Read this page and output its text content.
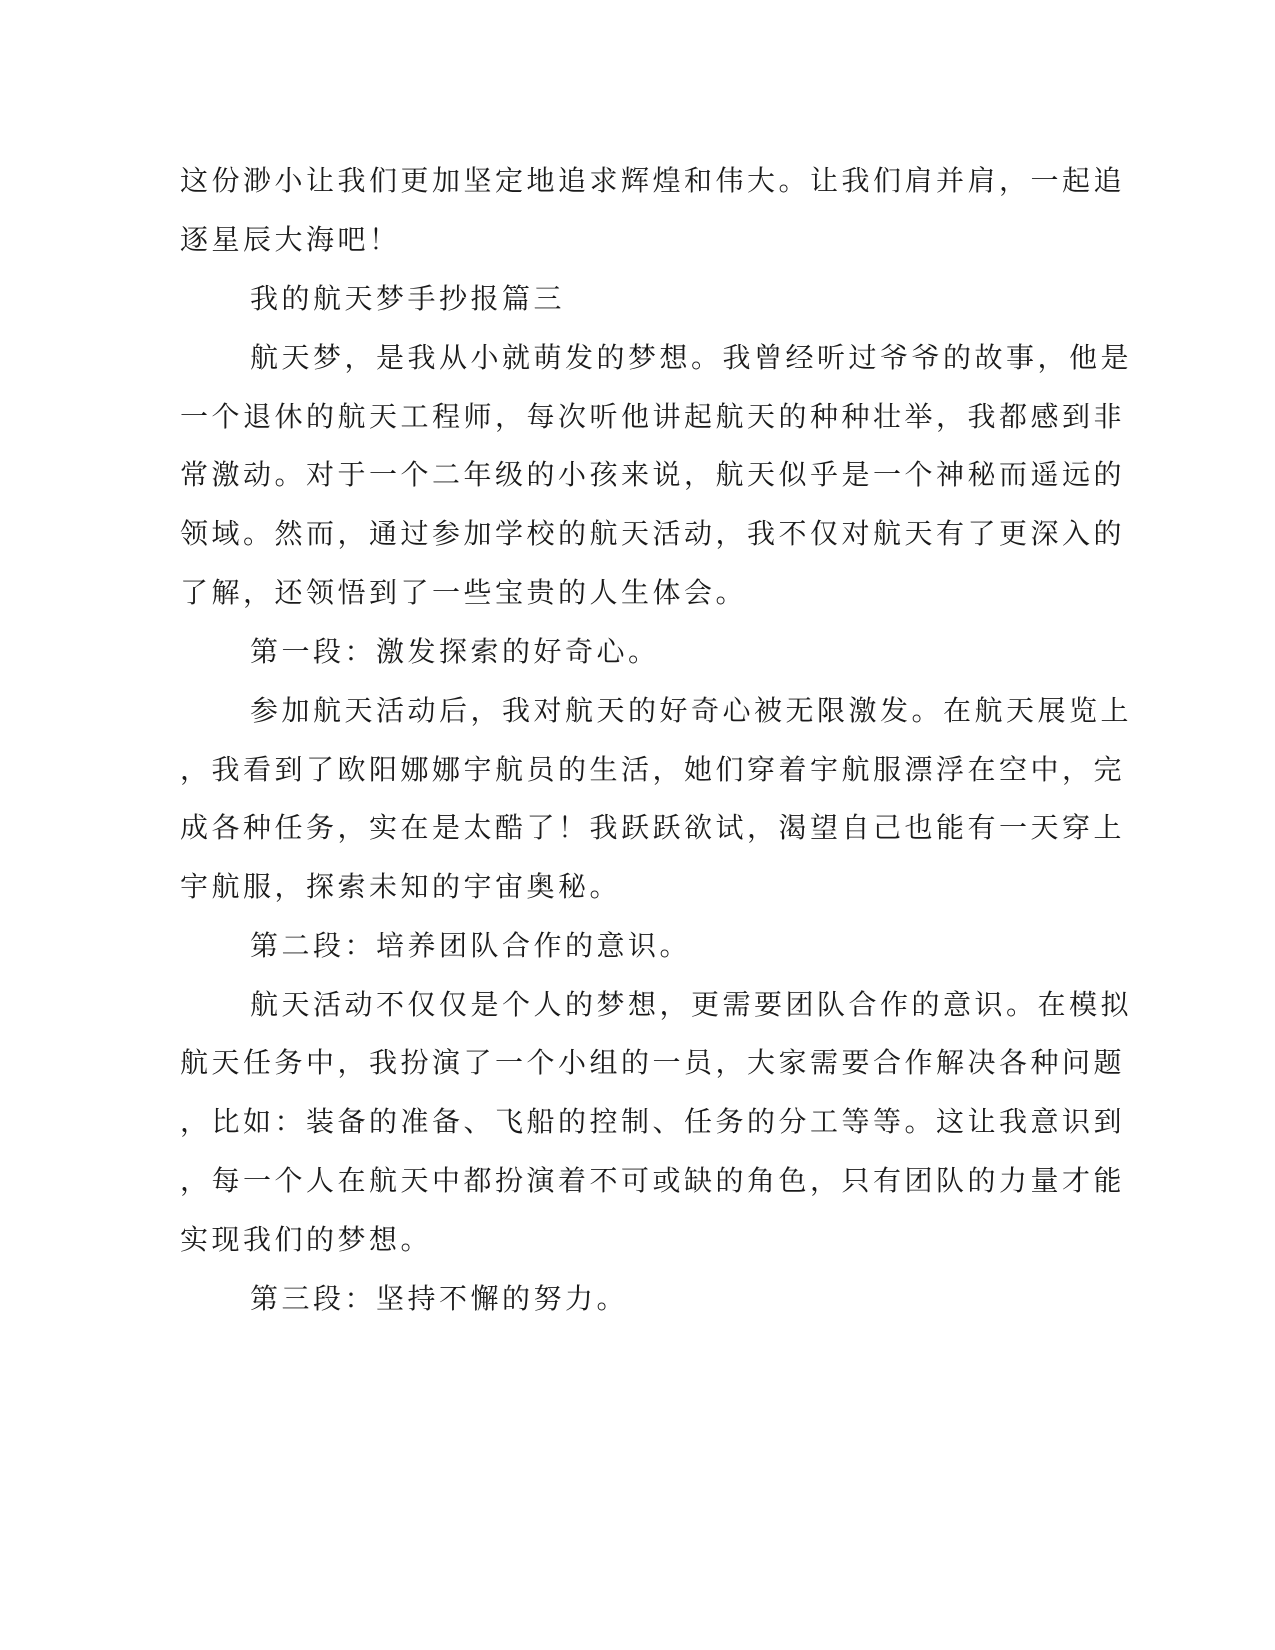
这份渺小让我们更加坚定地追求辉煌和伟大。让我们肩并肩，一起追
逐星辰大海吧！
我的航天梦手抄报篇三
航天梦，是我从小就萌发的梦想。我曾经听过爷爷的故事，他是
一个退休的航天工程师，每次听他讲起航天的种种壮举，我都感到非
常激动。对于一个二年级的小孩来说，航天似乎是一个神秘而遥远的
领域。然而，通过参加学校的航天活动，我不仅对航天有了更深入的
了解，还领悟到了一些宝贵的人生体会。
第一段：激发探索的好奇心。
参加航天活动后，我对航天的好奇心被无限激发。在航天展览上
，我看到了欧阳娜娜宇航员的生活，她们穿着宇航服漂浮在空中，完
成各种任务，实在是太酷了！我跃跃欲试，渴望自己也能有一天穿上
宇航服，探索未知的宇宙奥秘。
第二段：培养团队合作的意识。
航天活动不仅仅是个人的梦想，更需要团队合作的意识。在模拟
航天任务中，我扮演了一个小组的一员，大家需要合作解决各种问题
，比如：装备的准备、飞船的控制、任务的分工等等。这让我意识到
，每一个人在航天中都扮演着不可或缺的角色，只有团队的力量才能
实现我们的梦想。
第三段：坚持不懈的努力。
